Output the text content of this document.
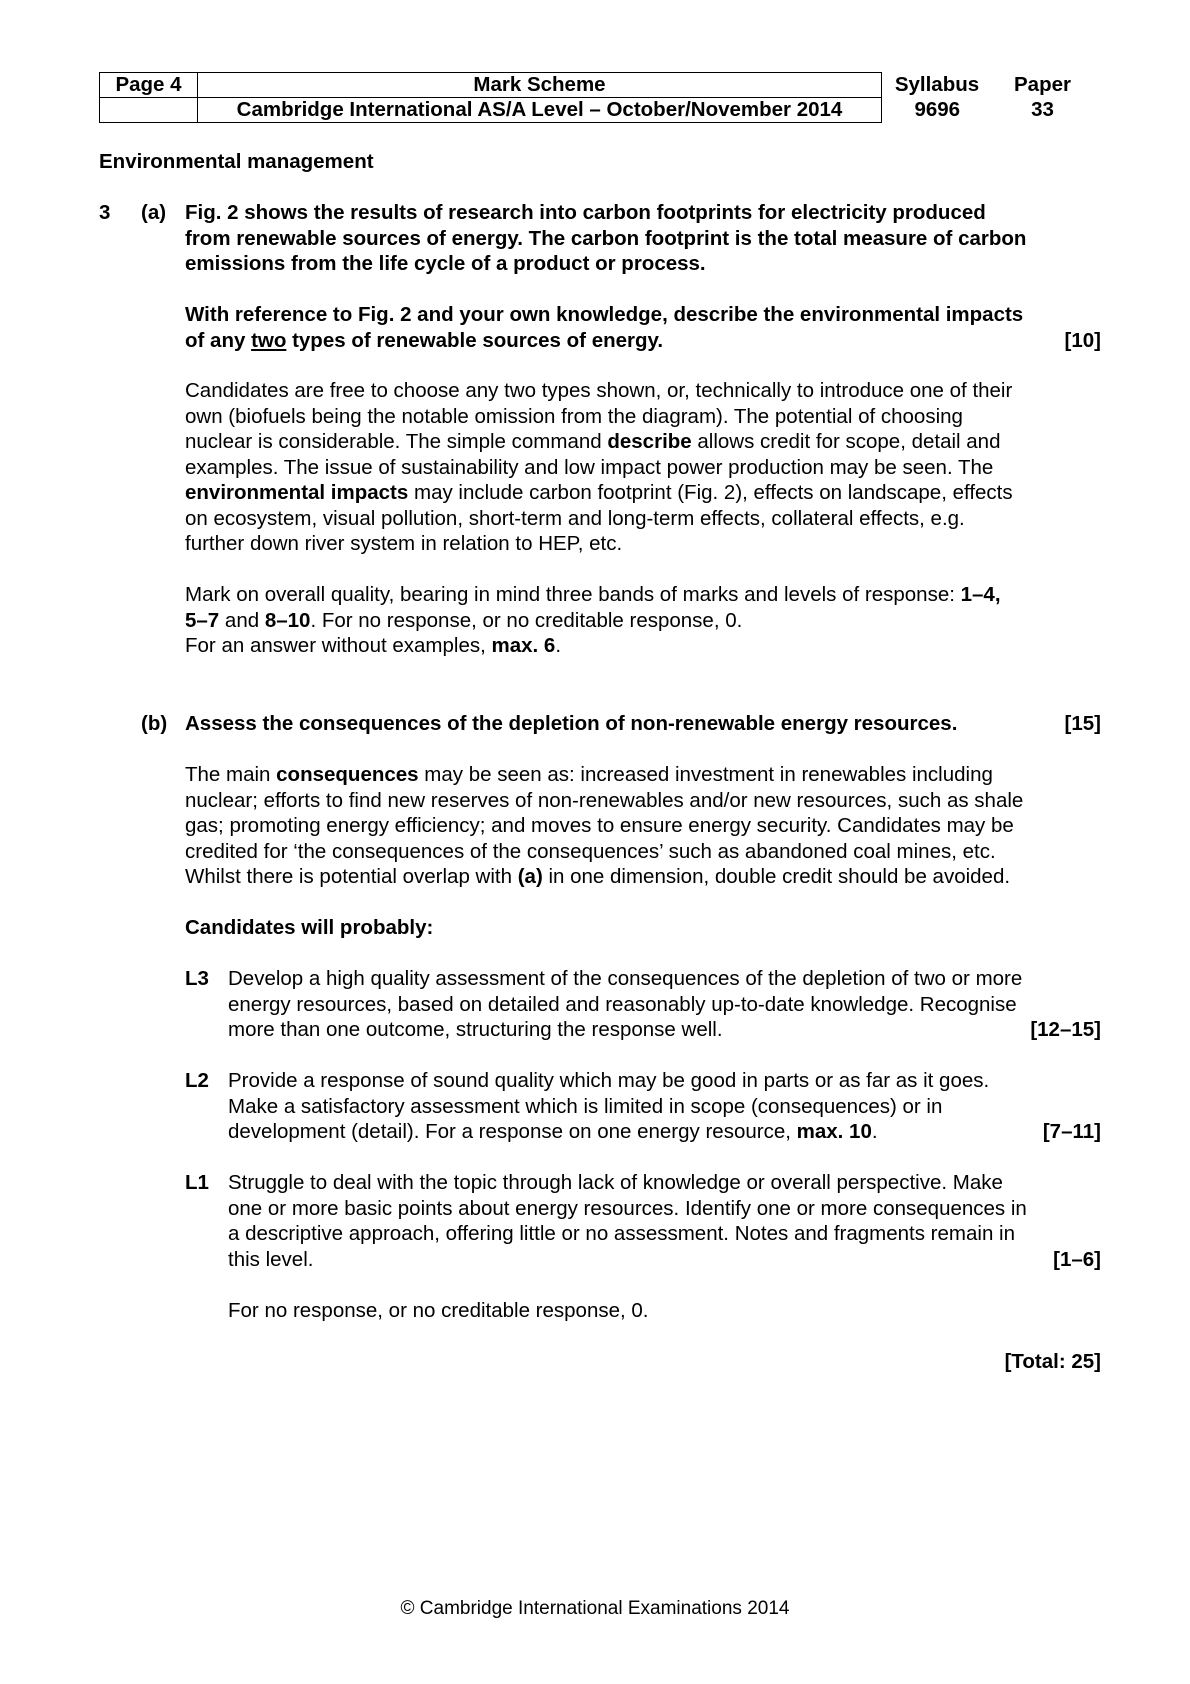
Page 4	Mark Scheme	Syllabus	Paper
	Cambridge International AS/A Level – October/November 2014	9696	33
Environmental management
3 (a) Fig. 2 shows the results of research into carbon footprints for electricity produced
from renewable sources of energy. The carbon footprint is the total measure of carbon
emissions from the life cycle of a product or process.
With reference to Fig. 2 and your own knowledge, describe the environmental impacts
of any two types of renewable sources of energy.	[10]
Candidates are free to choose any two types shown, or, technically to introduce one of their
own (biofuels being the notable omission from the diagram). The potential of choosing
nuclear is considerable. The simple command describe allows credit for scope, detail and
examples. The issue of sustainability and low impact power production may be seen. The
environmental impacts may include carbon footprint (Fig. 2), effects on landscape, effects
on ecosystem, visual pollution, short-term and long-term effects, collateral effects, e.g.
further down river system in relation to HEP, etc.
Mark on overall quality, bearing in mind three bands of marks and levels of response: 1–4,
5–7 and 8–10. For no response, or no creditable response, 0.
For an answer without examples, max. 6.
(b) Assess the consequences of the depletion of non-renewable energy resources.	[15]
The main consequences may be seen as: increased investment in renewables including
nuclear; efforts to find new reserves of non-renewables and/or new resources, such as shale
gas; promoting energy efficiency; and moves to ensure energy security. Candidates may be
credited for ‘the consequences of the consequences’ such as abandoned coal mines, etc.
Whilst there is potential overlap with (a) in one dimension, double credit should be avoided.
Candidates will probably:
L3 Develop a high quality assessment of the consequences of the depletion of two or more
energy resources, based on detailed and reasonably up-to-date knowledge. Recognise
more than one outcome, structuring the response well.	[12–15]
L2 Provide a response of sound quality which may be good in parts or as far as it goes.
Make a satisfactory assessment which is limited in scope (consequences) or in
development (detail). For a response on one energy resource, max. 10.	[7–11]
L1 Struggle to deal with the topic through lack of knowledge or overall perspective. Make
one or more basic points about energy resources. Identify one or more consequences in
a descriptive approach, offering little or no assessment. Notes and fragments remain in
this level.	[1–6]
For no response, or no creditable response, 0.
[Total: 25]
© Cambridge International Examinations 2014
